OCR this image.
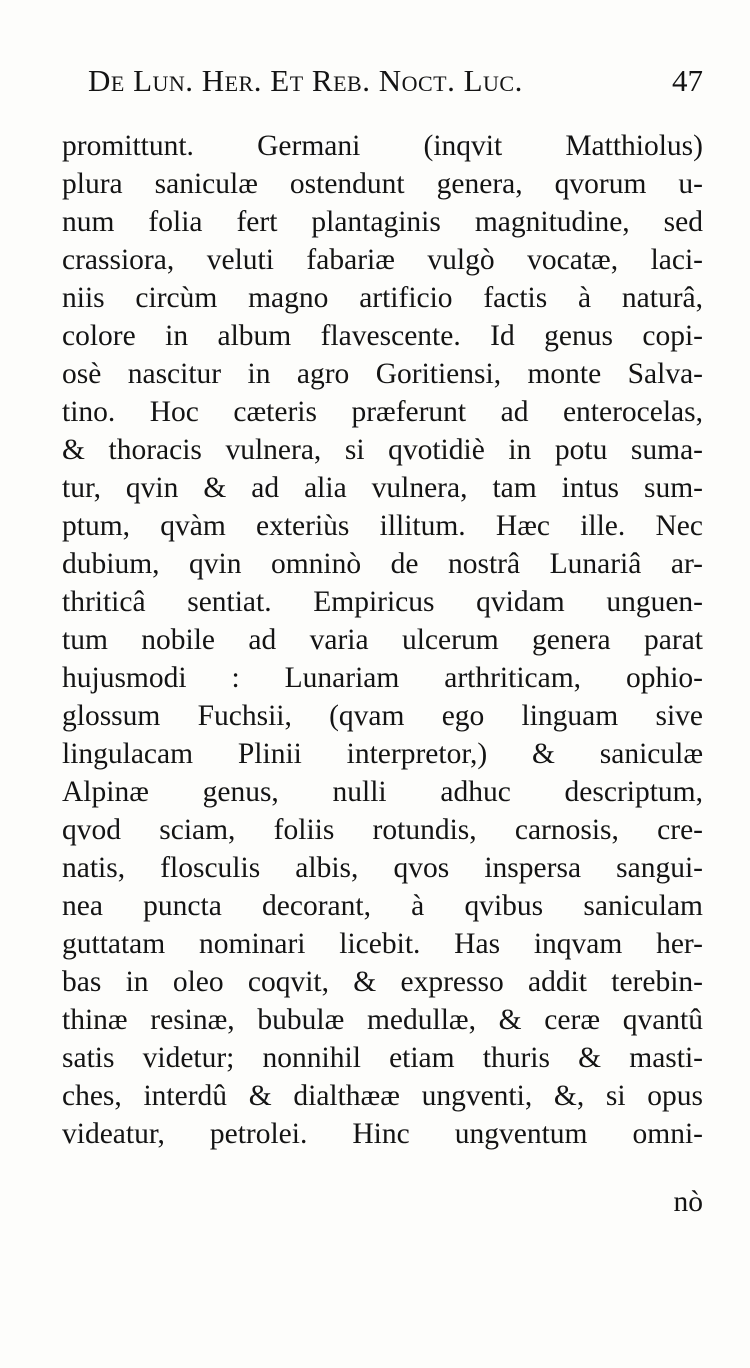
De Lun. Her. Et Reb. Noct. Luc.	47
promittunt. Germani (inqvit Matthiolus)
plura saniculæ ostendunt genera, qvorum u-
num folia fert plantaginis magnitudine, sed
crassiora, veluti fabariæ vulgò vocatæ, laci-
niis circùm magno artificio factis à naturâ,
colore in album flavescente. Id genus copi-
osè nascitur in agro Goritiensi, monte Salva-
tino. Hoc cæteris præferunt ad enterocelas,
& thoracis vulnera, si qvotidiè in potu suma-
tur, qvin & ad alia vulnera, tam intus sum-
ptum, qvàm exteriùs illitum. Hæc ille. Nec
dubium, qvin omninò de nostrâ Lunariâ ar-
thriticâ sentiat. Empiricus qvidam unguen-
tum nobile ad varia ulcerum genera parat
hujusmodi : Lunariam arthriticam, ophio-
glossum Fuchsii, (qvam ego linguam sive
lingulacam Plinii interpretor,) & saniculæ
Alpinæ genus, nulli adhuc descriptum,
qvod sciam, foliis rotundis, carnosis, cre-
natis, flosculis albis, qvos inspersa sangui-
nea puncta decorant, à qvibus saniculam
guttatam nominari licebit. Has inqvam her-
bas in oleo coqvit, & expresso addit terebin-
thinæ resinæ, bubulæ medullæ, & ceræ qvantû
satis videtur; nonnihil etiam thuris & masti-
ches, interdû & dialthææ ungventi, &, si opus
videatur, petrolei. Hinc ungventum omni-
nò
